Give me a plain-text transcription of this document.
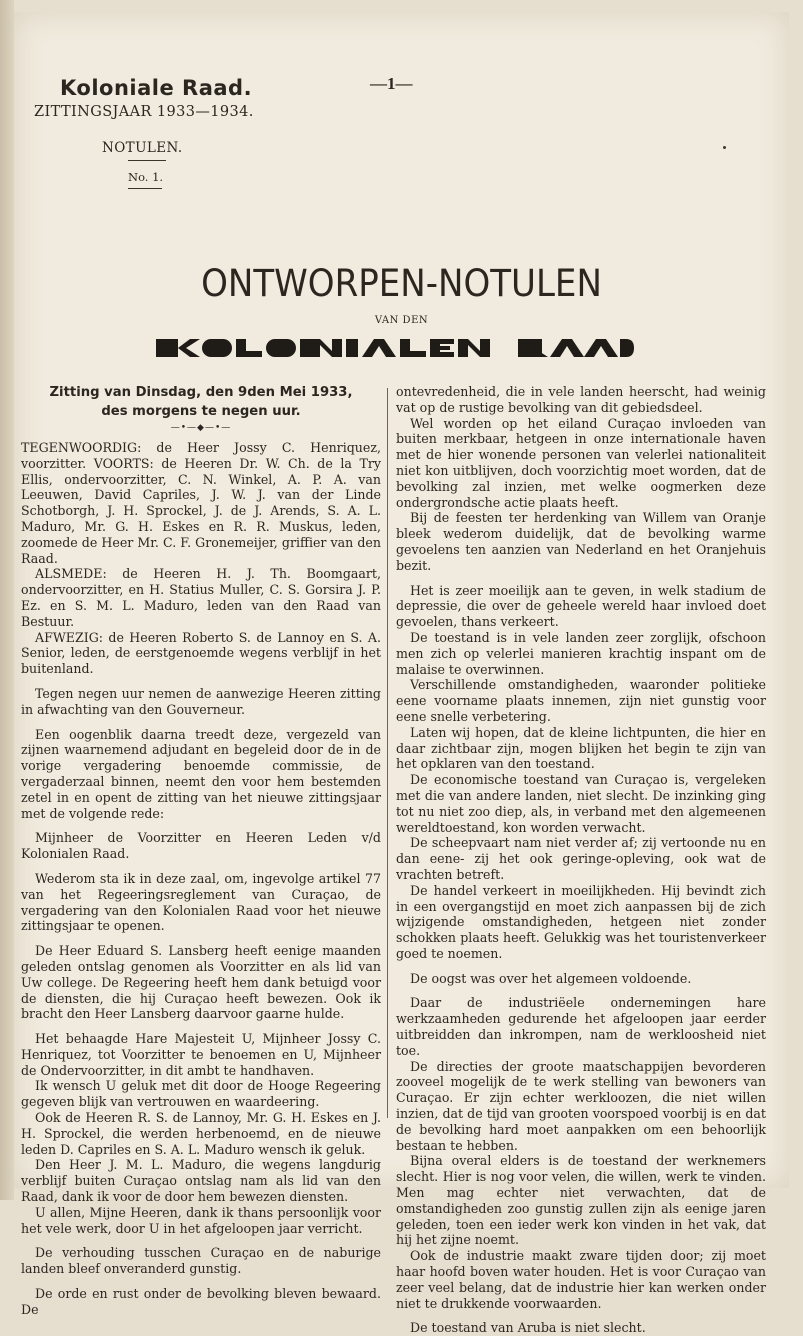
Koloniale Raad.
ZITTINGSJAAR 1933—1934.
—1—
NOTULEN.
No. 1.
ONTWORPEN-NOTULEN
VAN DEN
Zitting van Dinsdag, den 9den Mei 1933,
des morgens te negen uur.
—•—◆—•—

TEGENWOORDIG: de Heer Jossy C. Henriquez, voorzitter. VOORTS: de Heeren Dr. W. Ch. de la Try Ellis, ondervoorzitter, C. N. Winkel, A. P. A. van Leeuwen, David Capriles, J. W. J. van der Linde Schotborgh, J. H. Sprockel, J. de J. Arends, S. A. L. Maduro, Mr. G. H. Eskes en R. R. Muskus, leden, zoomede de Heer Mr. C. F. Gronemeijer, griffier van den Raad.

ALSMEDE: de Heeren H. J. Th. Boomgaart, ondervoorzitter, en H. Statius Muller, C. S. Gorsira J. P. Ez. en S. M. L. Maduro, leden van den Raad van Bestuur.

AFWEZIG: de Heeren Roberto S. de Lannoy en S. A. Senior, leden, de eerstgenoemde wegens verblijf in het buitenland.

Tegen negen uur nemen de aanwezige Heeren zitting in afwachting van den Gouverneur.

Een oogenblik daarna treedt deze, vergezeld van zijnen waarnemend adjudant en begeleid door de in de vorige vergadering benoemde commissie, de vergaderzaal binnen, neemt den voor hem bestemden zetel in en opent de zitting van het nieuwe zittingsjaar met de volgende rede:

Mijnheer de Voorzitter en Heeren Leden v/d Kolonialen Raad.

Wederom sta ik in deze zaal, om, ingevolge artikel 77 van het Regeeringsreglement van Curaçao, de vergadering van den Kolonialen Raad voor het nieuwe zittingsjaar te openen.

De Heer Eduard S. Lansberg heeft eenige maanden geleden ontslag genomen als Voorzitter en als lid van Uw college. De Regeering heeft hem dank betuigd voor de diensten, die hij Curaçao heeft bewezen. Ook ik bracht den Heer Lansberg daarvoor gaarne hulde.

Het behaagde Hare Majesteit U, Mijnheer Jossy C. Henriquez, tot Voorzitter te benoemen en U, Mijnheer de Ondervoorzitter, in dit ambt te handhaven.

Ik wensch U geluk met dit door de Hooge Regeering gegeven blijk van vertrouwen en waardeering.

Ook de Heeren R. S. de Lannoy, Mr. G. H. Eskes en J. H. Sprockel, die werden herbenoemd, en de nieuwe leden D. Capriles en S. A. L. Maduro wensch ik geluk.

Den Heer J. M. L. Maduro, die wegens langdurig verblijf buiten Curaçao ontslag nam als lid van den Raad, dank ik voor de door hem bewezen diensten.

U allen, Mijne Heeren, dank ik thans persoonlijk voor het vele werk, door U in het afgeloopen jaar verricht.

De verhouding tusschen Curaçao en de naburige landen bleef onveranderd gunstig.

De orde en rust onder de bevolking bleven bewaard. De

ontevredenheid, die in vele landen heerscht, had weinig vat op de rustige bevolking van dit gebiedsdeel.

Wel worden op het eiland Curaçao invloeden van buiten merkbaar, hetgeen in onze internationale haven met de hier wonende personen van velerlei nationaliteit niet kon uitblijven, doch voorzichtig moet worden, dat de bevolking zal inzien, met welke oogmerken deze ondergrondsche actie plaats heeft.

Bij de feesten ter herdenking van Willem van Oranje bleek wederom duidelijk, dat de bevolking warme gevoelens ten aanzien van Nederland en het Oranjehuis bezit.

Het is zeer moeilijk aan te geven, in welk stadium de depressie, die over de geheele wereld haar invloed doet gevoelen, thans verkeert.

De toestand is in vele landen zeer zorglijk, ofschoon men zich op velerlei manieren krachtig inspant om de malaise te overwinnen.

Verschillende omstandigheden, waaronder politieke eene voorname plaats innemen, zijn niet gunstig voor eene snelle verbetering.

Laten wij hopen, dat de kleine lichtpunten, die hier en daar zichtbaar zijn, mogen blijken het begin te zijn van het opklaren van den toestand.

De economische toestand van Curaçao is, vergeleken met die van andere landen, niet slecht. De inzinking ging tot nu niet zoo diep, als, in verband met den algemeenen wereldtoestand, kon worden verwacht.

De scheepvaart nam niet verder af; zij vertoonde nu en dan eene- zij het ook geringe-opleving, ook wat de vrachten betreft.

De handel verkeert in moeilijkheden. Hij bevindt zich in een overgangstijd en moet zich aanpassen bij de zich wijzigende omstandigheden, hetgeen niet zonder schokken plaats heeft. Gelukkig was het touristenverkeer goed te noemen.

De oogst was over het algemeen voldoende.

Daar de industriëele ondernemingen hare werkzaamheden gedurende het afgeloopen jaar eerder uitbreidden dan inkrompen, nam de werkloosheid niet toe.

De directies der groote maatschappijen bevorderen zooveel mogelijk de te werk stelling van bewoners van Curaçao. Er zijn echter werkloozen, die niet willen inzien, dat de tijd van grooten voorspoed voorbij is en dat de bevolking hard moet aanpakken om een behoorlijk bestaan te hebben.

Bijna overal elders is de toestand der werknemers slecht. Hier is nog voor velen, die willen, werk te vinden. Men mag echter niet verwachten, dat de omstandigheden zoo gunstig zullen zijn als eenige jaren geleden, toen een ieder werk kon vinden in het vak, dat hij het zijne noemt.

Ook de industrie maakt zware tijden door; zij moet haar hoofd boven water houden. Het is voor Curaçao van zeer veel belang, dat de industrie hier kan werken onder niet te drukkende voorwaarden.

De toestand van Aruba is niet slecht.
